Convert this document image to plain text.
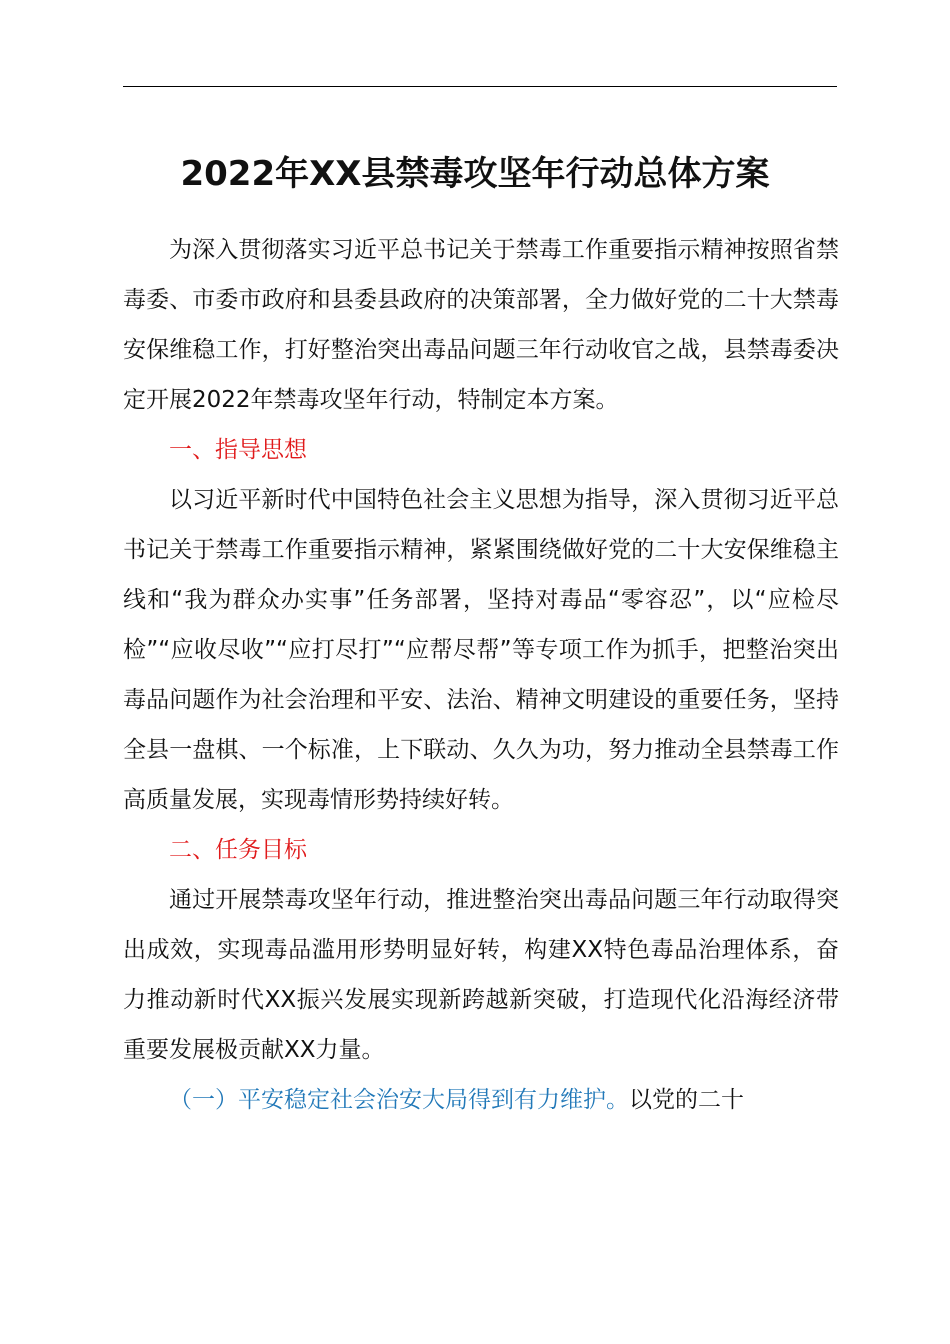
2022年XX县禁毒攻坚年行动总体方案

为深入贯彻落实习近平总书记关于禁毒工作重要指示精神按照省禁毒委、市委市政府和县委县政府的决策部署，全力做好党的二十大禁毒安保维稳工作，打好整治突出毒品问题三年行动收官之战，县禁毒委决定开展2022年禁毒攻坚年行动，特制定本方案。

一、指导思想

以习近平新时代中国特色社会主义思想为指导，深入贯彻习近平总书记关于禁毒工作重要指示精神，紧紧围绕做好党的二十大安保维稳主线和“我为群众办实事”任务部署，坚持对毒品“零容忍”，以“应检尽检”“应收尽收”“应打尽打”“应帮尽帮”等专项工作为抓手，把整治突出毒品问题作为社会治理和平安、法治、精神文明建设的重要任务，坚持全县一盘棋、一个标准，上下联动、久久为功，努力推动全县禁毒工作高质量发展，实现毒情形势持续好转。

二、任务目标

通过开展禁毒攻坚年行动，推进整治突出毒品问题三年行动取得突出成效，实现毒品滥用形势明显好转，构建XX特色毒品治理体系，奋力推动新时代XX振兴发展实现新跨越新突破，打造现代化沿海经济带重要发展极贡献XX力量。

（一）平安稳定社会治安大局得到有力维护。以党的二十
